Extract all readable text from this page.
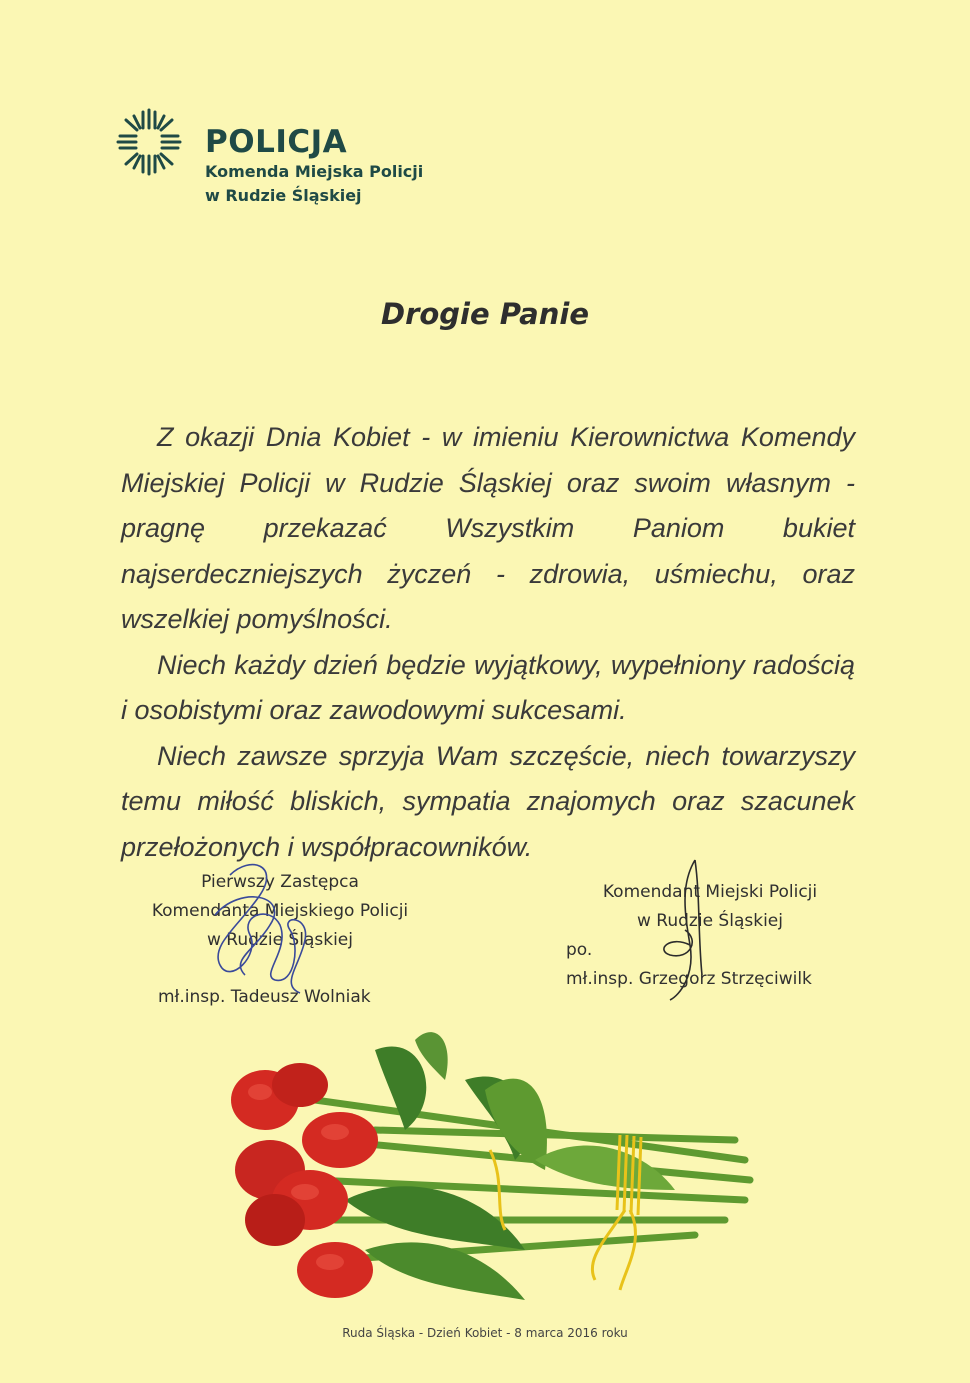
POLICJA
Komenda Miejska Policji
w Rudzie Śląskiej
Drogie Panie

Z okazji Dnia Kobiet - w imieniu Kierownictwa Komendy Miejskiej Policji w Rudzie Śląskiej oraz swoim własnym - pragnę przekazać Wszystkim Paniom bukiet najserdeczniejszych życzeń - zdrowia, uśmiechu, oraz wszelkiej pomyślności.

Niech każdy dzień będzie wyjątkowy, wypełniony radością i osobistymi oraz zawodowymi sukcesami.

Niech zawsze sprzyja Wam szczęście, niech towarzyszy temu miłość bliskich, sympatia znajomych oraz szacunek przełożonych i współpracowników.

Pierwszy Zastępca
Komendanta Miejskiego Policji
w Rudzie Śląskiej
mł.insp. Tadeusz Wolniak
Komendant Miejski Policji
w Rudzie Śląskiej
po.
mł.insp. Grzegorz Strzęciwilk
Ruda Śląska - Dzień Kobiet - 8 marca 2016 roku
